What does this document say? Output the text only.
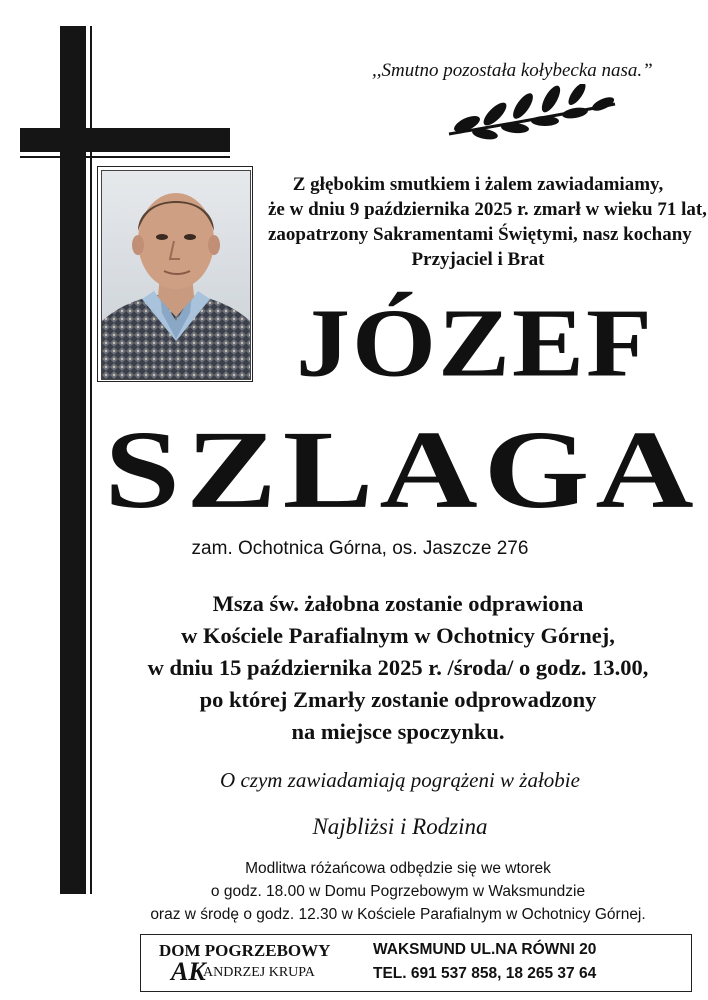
,,Smutno pozostała kołybecka nasa.”
Z głębokim smutkiem i żalem zawiadamiamy,
że w dniu 9 października 2025 r. zmarł w wieku 71 lat,
zaopatrzony Sakramentami Świętymi, nasz kochany
Przyjaciel i Brat
JÓZEF
SZLAGA
zam. Ochotnica Górna, os. Jaszcze 276
Msza św. żałobna zostanie odprawiona
w Kościele Parafialnym w Ochotnicy Górnej,
w dniu 15 października 2025 r. /środa/ o godz. 13.00,
po której Zmarły zostanie odprowadzony
na miejsce spoczynku.
O czym zawiadamiają pogrążeni w żałobie
Najbliżsi i Rodzina
Modlitwa różańcowa odbędzie się we wtorek
o godz. 18.00 w Domu Pogrzebowym w Waksmundzie
oraz w środę o godz. 12.30 w Kościele Parafialnym w Ochotnicy Górnej.
DOM POGRZEBOWY
AK
ANDRZEJ KRUPA
WAKSMUND UL.NA RÓWNI 20
TEL. 691 537 858, 18 265 37 64
